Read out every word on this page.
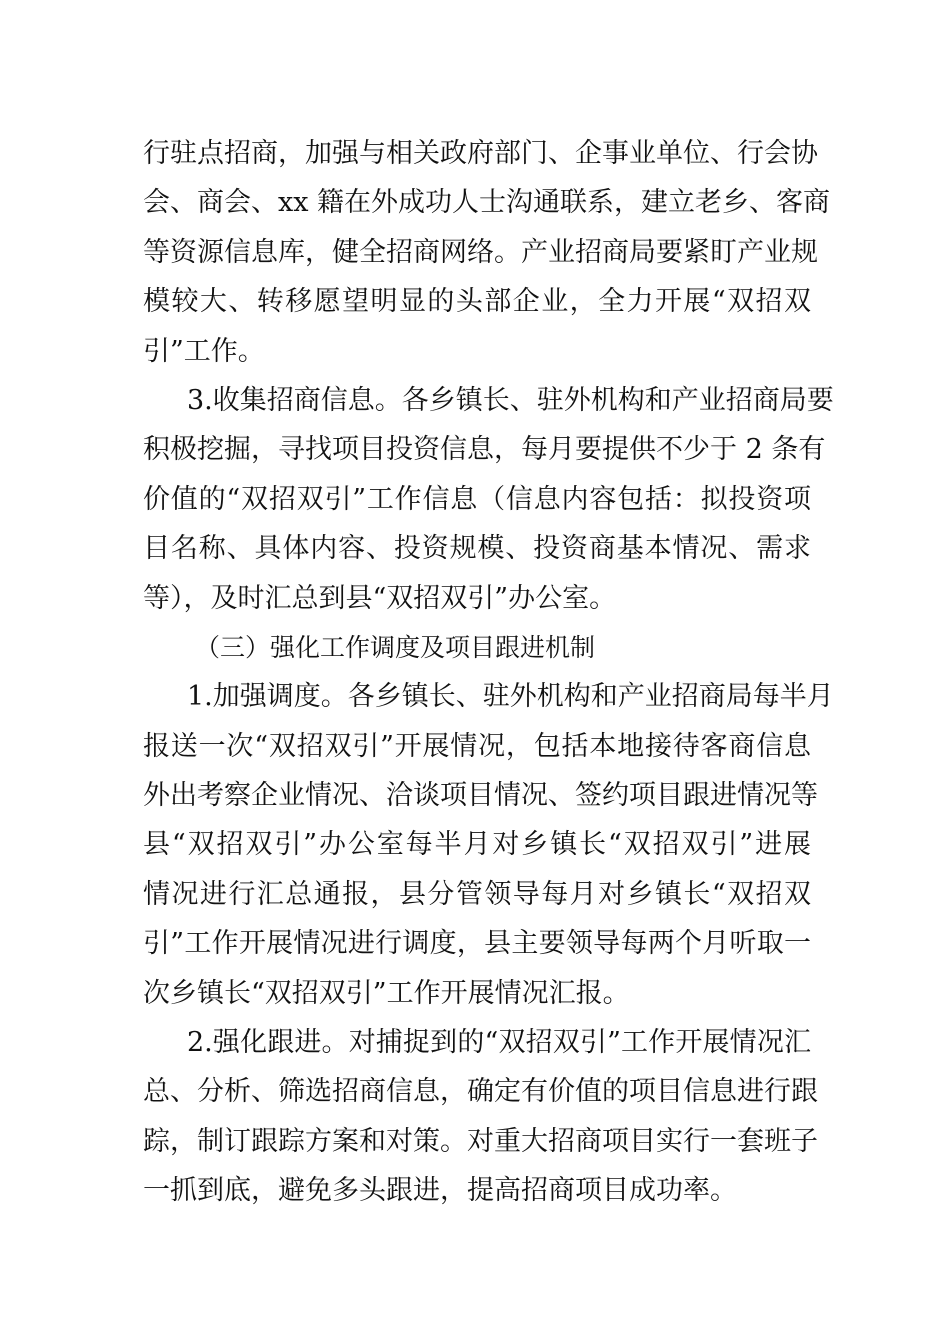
行驻点招商，加强与相关政府部门、企事业单位、行会协
会、商会、xx 籍在外成功人士沟通联系，建立老乡、客商
等资源信息库，健全招商网络。产业招商局要紧盯产业规
模较大、转移愿望明显的头部企业，全力开展“双招双
引”工作。
3.收集招商信息。各乡镇长、驻外机构和产业招商局要
积极挖掘，寻找项目投资信息，每月要提供不少于 2 条有
价值的“双招双引”工作信息（信息内容包括：拟投资项
目名称、具体内容、投资规模、投资商基本情况、需求
等），及时汇总到县“双招双引”办公室。
（三）强化工作调度及项目跟进机制
1.加强调度。各乡镇长、驻外机构和产业招商局每半月
报送一次“双招双引”开展情况，包括本地接待客商信息
外出考察企业情况、洽谈项目情况、签约项目跟进情况等
县“双招双引”办公室每半月对乡镇长“双招双引”进展
情况进行汇总通报，县分管领导每月对乡镇长“双招双
引”工作开展情况进行调度，县主要领导每两个月听取一
次乡镇长“双招双引”工作开展情况汇报。
2.强化跟进。对捕捉到的“双招双引”工作开展情况汇
总、分析、筛选招商信息，确定有价值的项目信息进行跟
踪，制订跟踪方案和对策。对重大招商项目实行一套班子
一抓到底，避免多头跟进，提高招商项目成功率。
